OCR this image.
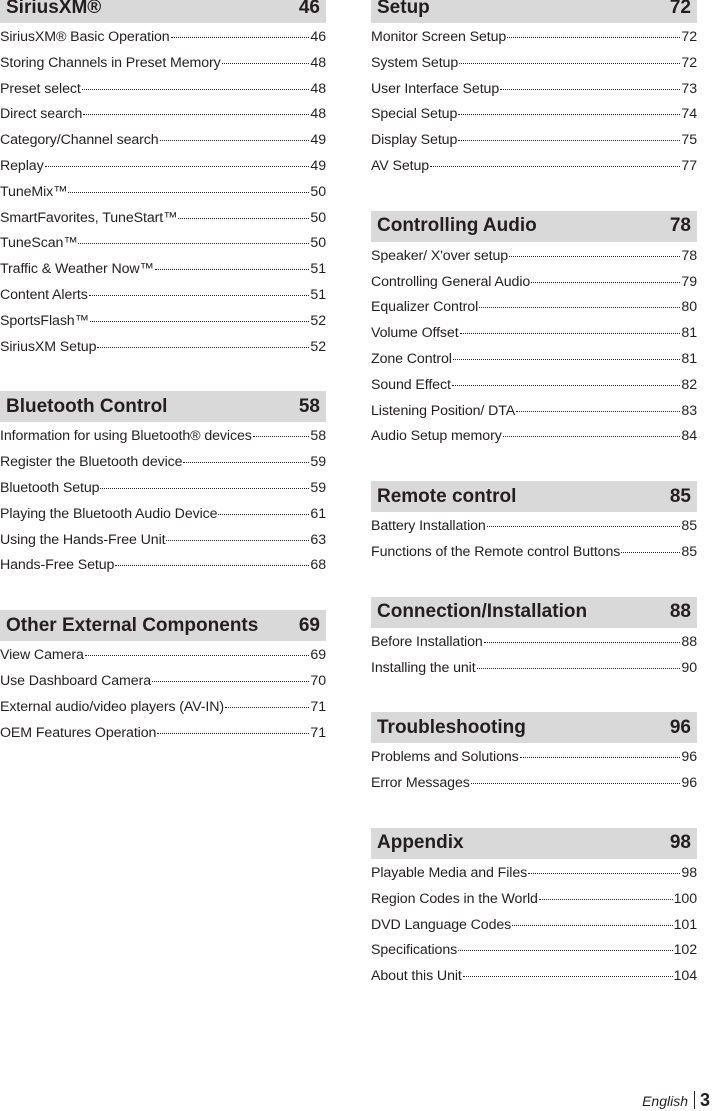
SiriusXM®	46
SiriusXM® Basic Operation	46
Storing Channels in Preset Memory	48
Preset select	48
Direct search	48
Category/Channel search	49
Replay	49
TuneMix™	50
SmartFavorites, TuneStart™	50
TuneScan™	50
Traffic & Weather Now™	51
Content Alerts	51
SportsFlash™	52
SiriusXM Setup	52
Bluetooth Control	58
Information for using Bluetooth® devices	58
Register the Bluetooth device	59
Bluetooth Setup	59
Playing the Bluetooth Audio Device	61
Using the Hands-Free Unit	63
Hands-Free Setup	68
Other External Components 69
View Camera	69
Use Dashboard Camera	70
External audio/video players (AV-IN)	71
OEM Features Operation	71
Setup	72
Monitor Screen Setup	72
System Setup	72
User Interface Setup	73
Special Setup	74
Display Setup	75
AV Setup	77
Controlling Audio	78
Speaker/ X'over setup	78
Controlling General Audio	79
Equalizer Control	80
Volume Offset	81
Zone Control	81
Sound Effect	82
Listening Position/ DTA	83
Audio Setup memory	84
Remote control	85
Battery Installation	85
Functions of the Remote control Buttons	85
Connection/Installation	88
Before Installation	88
Installing the unit	90
Troubleshooting	96
Problems and Solutions	96
Error Messages	96
Appendix	98
Playable Media and Files	98
Region Codes in the World	100
DVD Language Codes	101
Specifications	102
About this Unit	104
English 3
